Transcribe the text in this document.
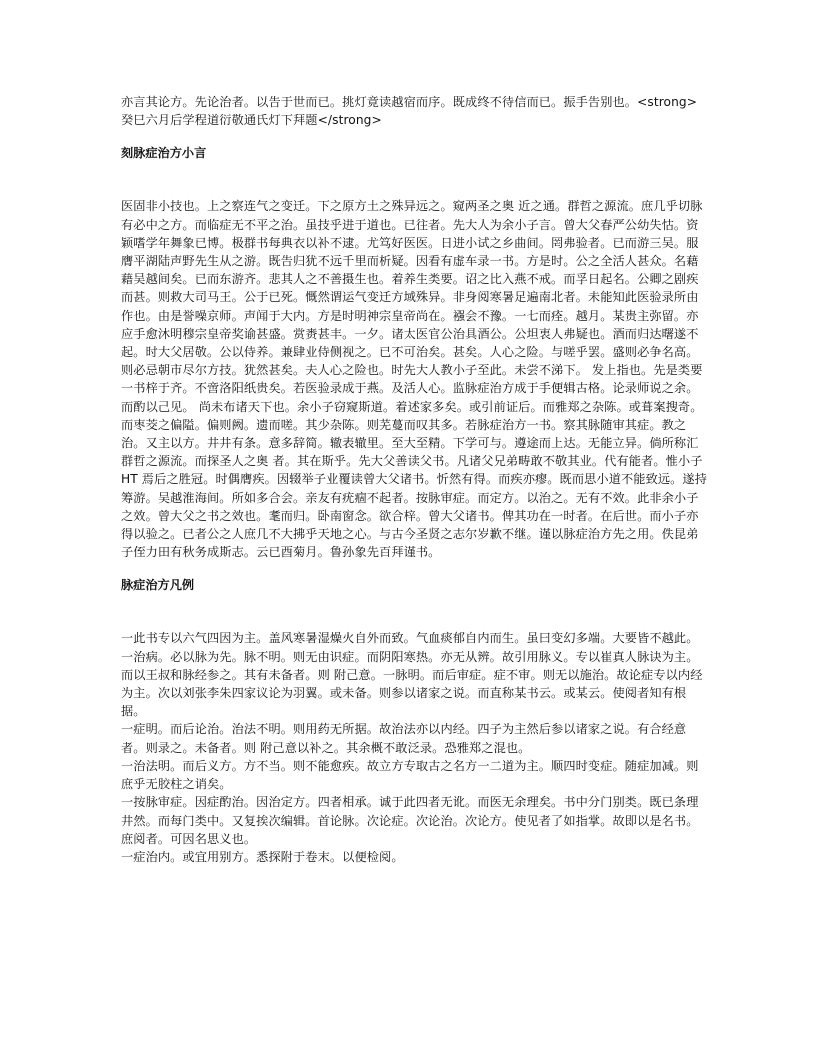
亦言其论方。先论治者。以告于世而已。挑灯竟读越宿而序。既成终不待信而已。振手告别也。<strong>癸巳六月后学程道衍敬通氏灯下拜题</strong>

刻脉症治方小言

医固非小技也。上之察连气之变迁。下之原方土之殊异远之。窥两圣之奥 近之通。群哲之源流。庶几乎切脉有必中之方。而临症无不平之治。虽技乎进于道也。已往者。先大人为余小子言。曾大父春严公幼失怙。资颖嗜学年舞象已博。极群书每典衣以补不逮。尤笃好医医。日进小试之乡曲间。罔弗验者。已而游三吴。服膺平湖陆声野先生从之游。既告归犹不远千里而析疑。因看有虚车录一书。方是时。公之全活人甚众。名藉藉吴越间矣。已而东游齐。悲其人之不善摄生也。着养生类要。诏之比入燕不戒。而孚日起名。公卿之剧疾而甚。则救大司马王。公于已死。慨然谓运气变迁方域殊异。非身阅寒暑足遍南北者。未能知此医验录所由作也。由是誉噪京师。声闻于大内。方是时明神宗皇帝尚在。襁会不豫。一七而痊。越月。某贵主弥留。亦应手愈沐明穆宗皇帝奖谕甚盛。赏赉甚丰。一夕。诸太医官公治具酒公。公坦衷人弗疑也。酒而归达曙遂不起。时大父居敬。公以侍养。兼肆业侍侧视之。已不可治矣。甚矣。人心之险。与嗟乎罢。盛则必争名高。则必忌朝市尽尔方技。犹然甚矣。夫人心之险也。时先大人教小子至此。未尝不涕下。 发上指也。先是类要一书梓于齐。不啻洛阳纸贵矣。若医验录成于燕。及活人心。监脉症治方成于手便辑古格。论录师说之余。而酌以己见。 尚未布诸天下也。余小子窃窥斯道。着述家多矣。或引前证后。而雅郑之杂陈。或葺案搜奇。而枣茭之偏隘。偏则阙。遗而嗟。其少杂陈。则芜蔓而叹其多。若脉症治方一书。察其脉随审其症。教之治。又主以方。井井有条。意多辞简。辙表辙里。至大至精。下学可与。遵途而上达。无能立异。倘所称汇群哲之源流。而探圣人之奥 者。其在斯乎。先大父善读父书。凡诸父兄弟畴敢不敬其业。代有能者。惟小子HT 焉后之胜冠。时偶膺疾。因辍举子业覆读曾大父诸书。忻然有得。而疾亦瘳。既而思小道不能致远。遂持筹游。吴越淮海间。所如多合会。亲友有疣痼不起者。按脉审症。而定方。以治之。无有不效。此非余小子之效。曾大父之书之效也。耄而归。卧南窗念。欲合梓。曾大父诸书。俾其功在一时者。在后世。而小子亦得以验之。已者公之人庶几不大拂乎天地之心。与古今圣贤之志尔岁歉不继。谨以脉症治方先之用。佚昆弟子侄力田有秋务成斯志。云已酉菊月。鲁孙象先百拜谨书。

脉症治方凡例

一此书专以六气四因为主。盖风寒暑湿燥火自外而致。气血痰郁自内而生。虽曰变幻多端。大要皆不越此。

一治病。必以脉为先。脉不明。则无由识症。而阴阳寒热。亦无从辨。故引用脉义。专以崔真人脉诀为主。而以王叔和脉经参之。其有未备者。则 附己意。一脉明。而后审症。症不审。则无以施治。故论症专以内经为主。次以刘张李朱四家议论为羽翼。或未备。则参以诸家之说。而直称某书云。或某云。使阅者知有根据。

一症明。而后论治。治法不明。则用药无所据。故治法亦以内经。四子为主然后参以诸家之说。有合经意者。则录之。未备者。则 附己意以补之。其余概不敢泛录。恐雅郑之混也。

一治法明。而后义方。方不当。则不能愈疾。故立方专取古之名方一二道为主。顺四时变症。随症加减。则庶乎无胶柱之诮矣。

一按脉审症。因症酌治。因治定方。四者相承。诚于此四者无讹。而医无余理矣。书中分门别类。既已条理井然。而每门类中。又复挨次编辑。首论脉。次论症。次论治。次论方。使见者了如指掌。故即以是名书。庶阅者。可因名思义也。

一症治内。或宜用别方。悉探附于卷末。以便检阅。
